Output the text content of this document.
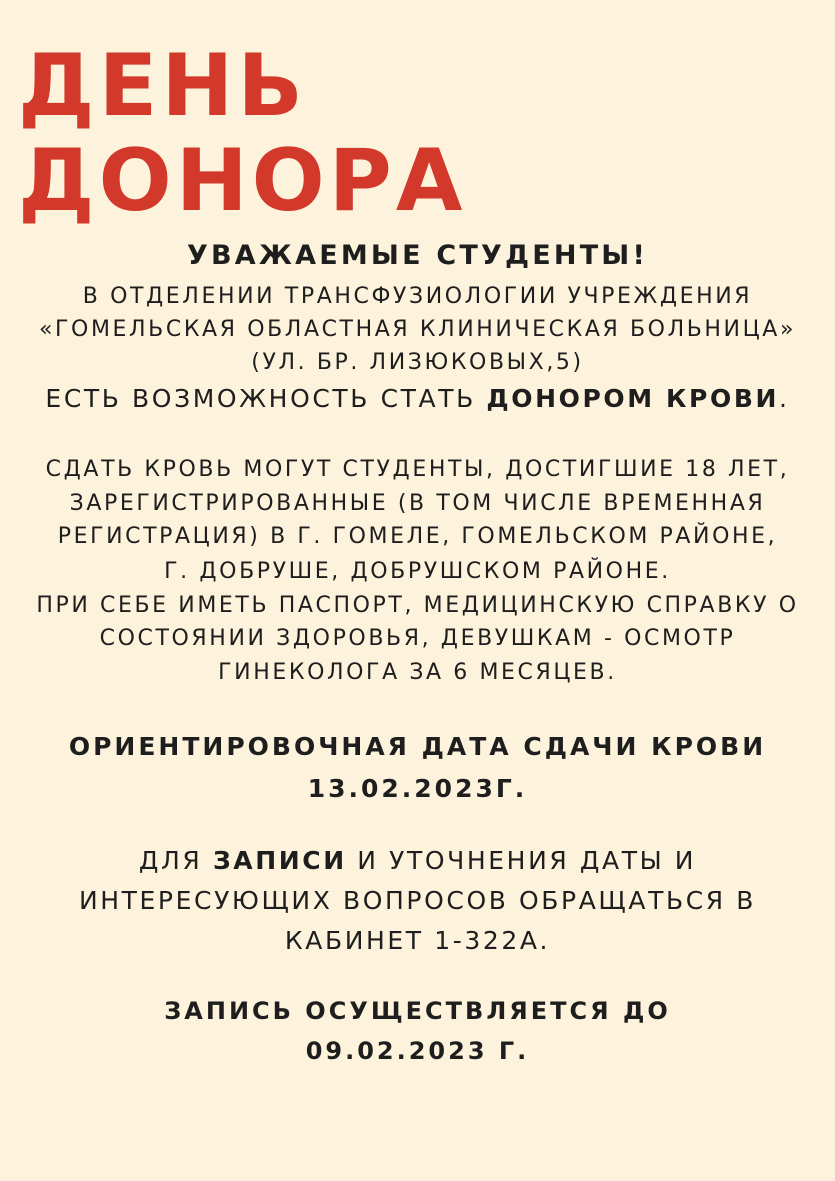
ДЕНЬ
ДОНОРА

УВАЖАЕМЫЕ СТУДЕНТЫ!

В ОТДЕЛЕНИИ ТРАНСФУЗИОЛОГИИ УЧРЕЖДЕНИЯ

«ГОМЕЛЬСКАЯ ОБЛАСТНАЯ КЛИНИЧЕСКАЯ БОЛЬНИЦА»

(УЛ. БР. ЛИЗЮКОВЫХ,5)

ЕСТЬ ВОЗМОЖНОСТЬ СТАТЬ ДОНОРОМ КРОВИ.

СДАТЬ КРОВЬ МОГУТ СТУДЕНТЫ, ДОСТИГШИЕ 18 ЛЕТ,

ЗАРЕГИСТРИРОВАННЫЕ (В ТОМ ЧИСЛЕ ВРЕМЕННАЯ

РЕГИСТРАЦИЯ) В Г. ГОМЕЛЕ, ГОМЕЛЬСКОМ РАЙОНЕ,

Г. ДОБРУШЕ, ДОБРУШСКОМ РАЙОНЕ.

ПРИ СЕБЕ ИМЕТЬ ПАСПОРТ, МЕДИЦИНСКУЮ СПРАВКУ О

СОСТОЯНИИ ЗДОРОВЬЯ, ДЕВУШКАМ - ОСМОТР

ГИНЕКОЛОГА ЗА 6 МЕСЯЦЕВ.

ОРИЕНТИРОВОЧНАЯ ДАТА СДАЧИ КРОВИ

13.02.2023Г.

ДЛЯ ЗАПИСИ И УТОЧНЕНИЯ ДАТЫ И

ИНТЕРЕСУЮЩИХ ВОПРОСОВ ОБРАЩАТЬСЯ В

КАБИНЕТ 1-322А.

ЗАПИСЬ ОСУЩЕСТВЛЯЕТСЯ ДО

09.02.2023 Г.
